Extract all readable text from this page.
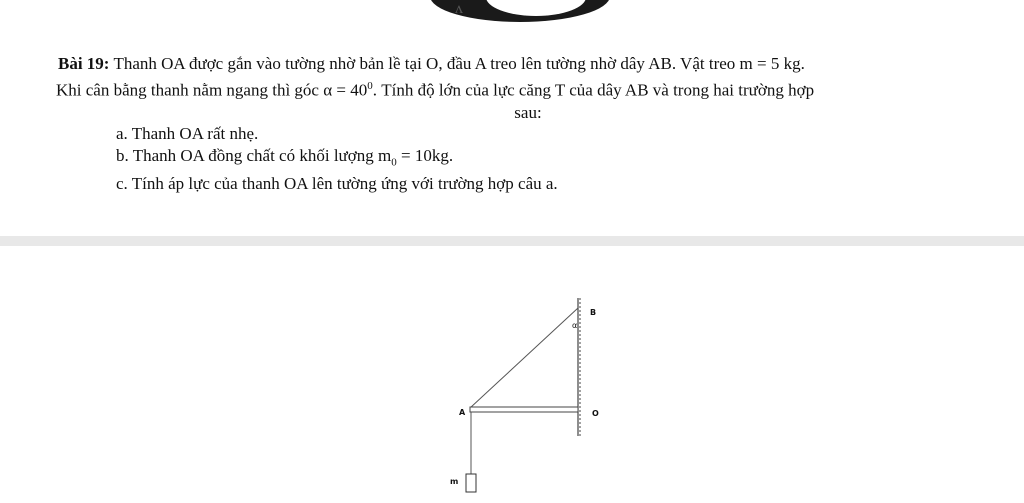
ᴧ
Bài 19: Thanh OA được gắn vào tường nhờ bản lề tại O, đầu A treo lên tường nhờ dây AB. Vật treo m = 5 kg.
Khi cân bằng thanh nằm ngang thì góc $\alpha = 40^0$. Tính độ lớn của lực căng T của dây AB và trong hai trường hợp
sau:
a. Thanh OA rất nhẹ.
b. Thanh OA đồng chất có khối lượng $m_0 = 10kg$.
c. Tính áp lực của thanh OA lên tường ứng với trường hợp câu a.
B
α
A	O
m
